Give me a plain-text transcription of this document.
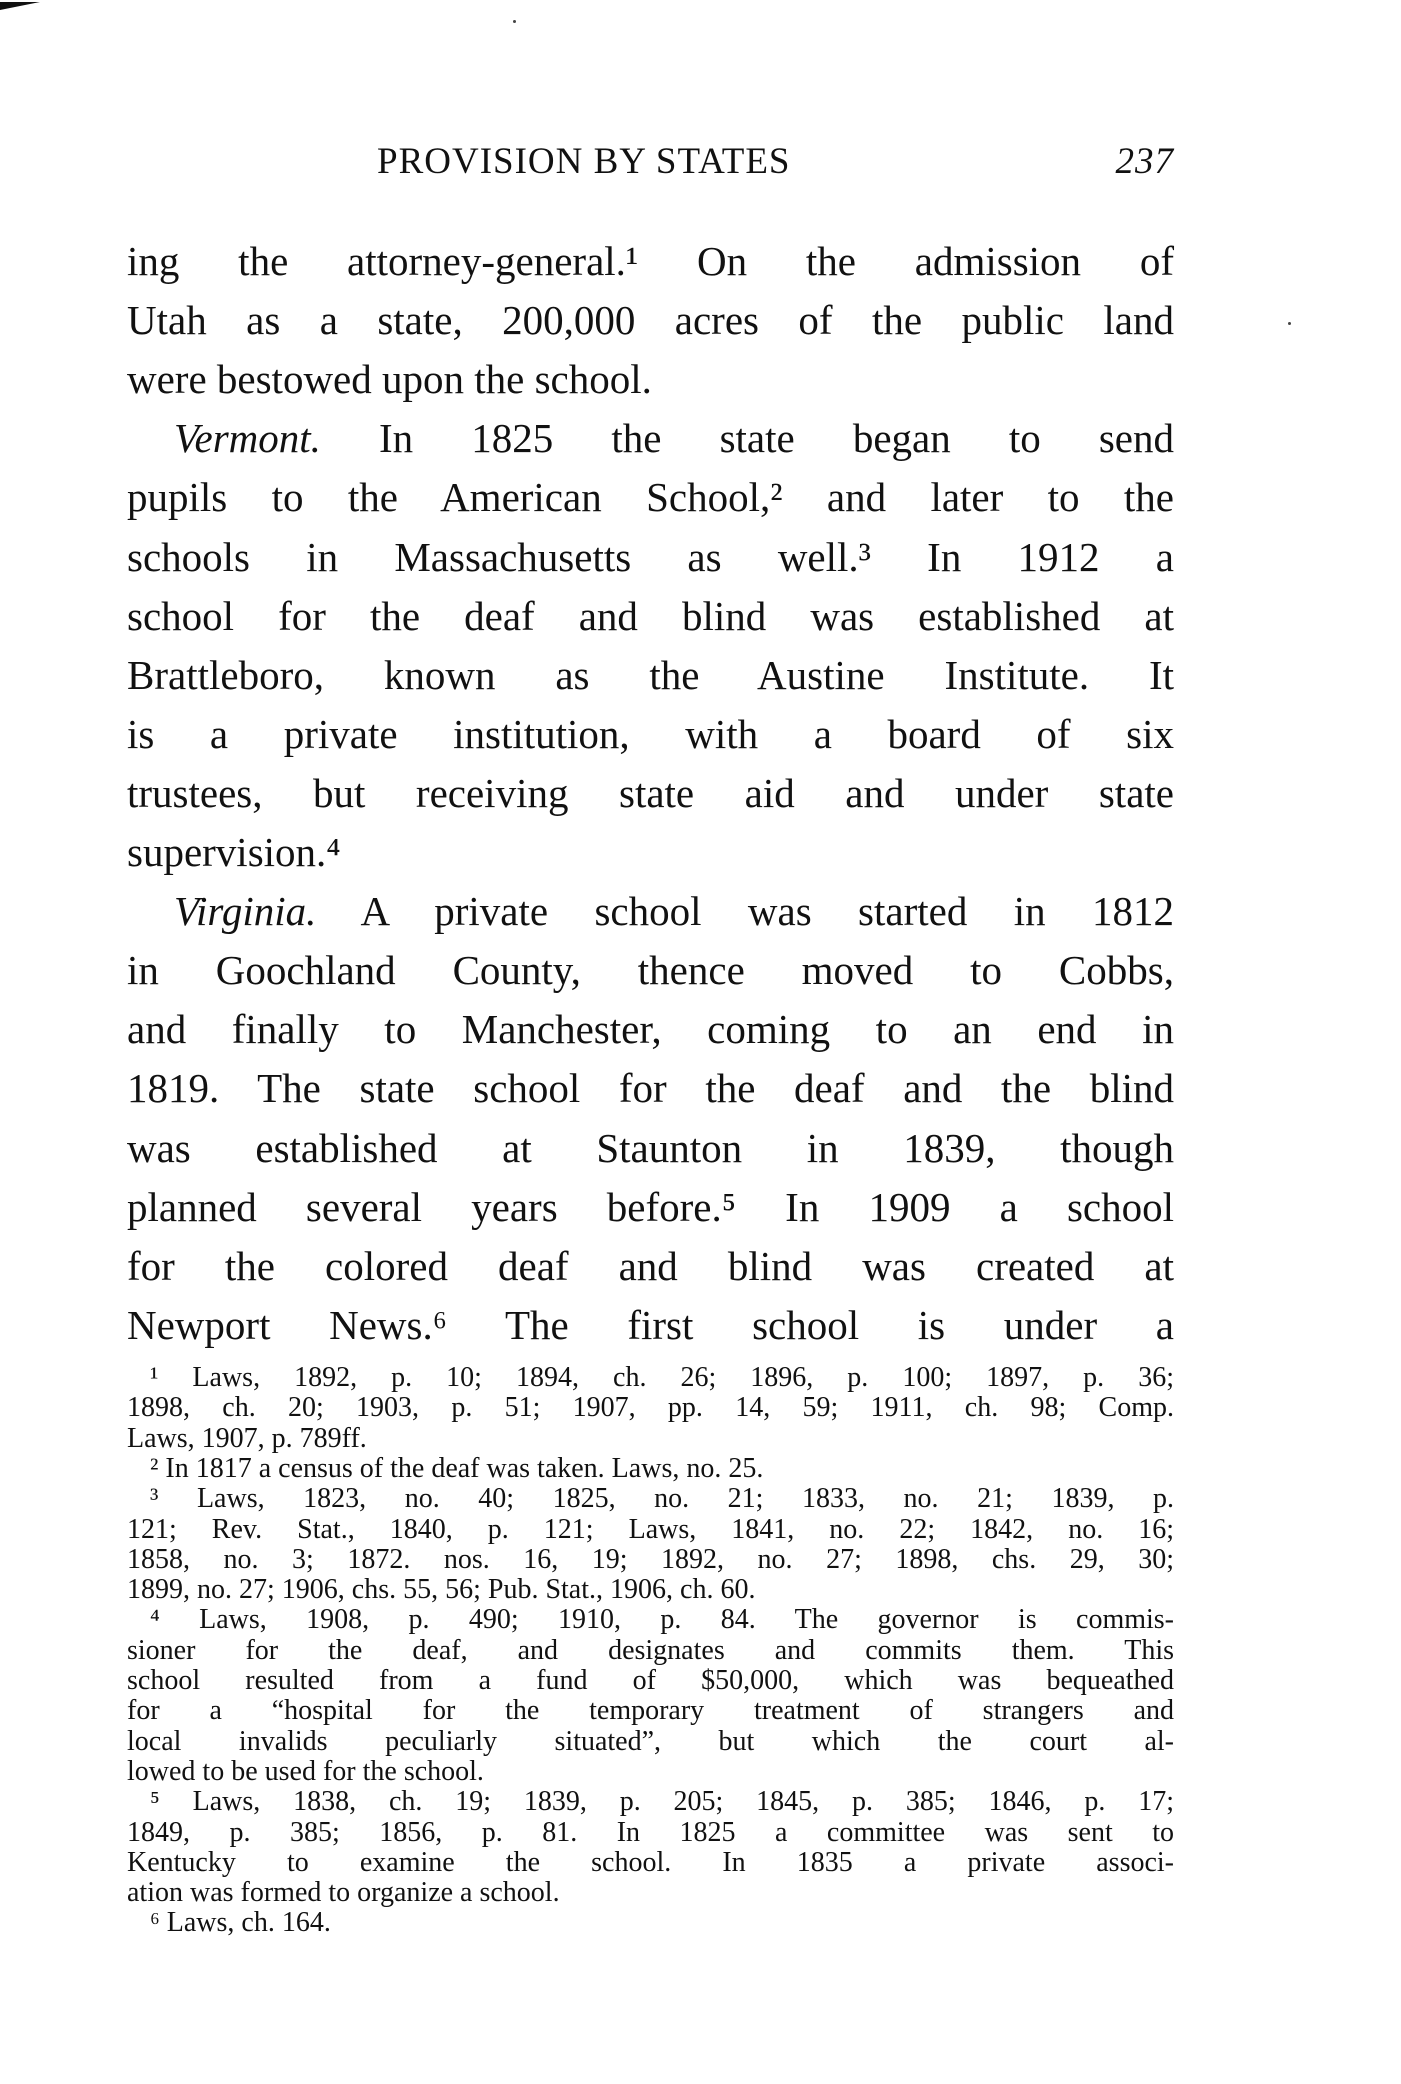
PROVISION BY STATES	237
ing the attorney-general.¹ On the admission of
Utah as a state, 200,000 acres of the public land
were bestowed upon the school.
Vermont. In 1825 the state began to send
pupils to the American School,² and later to the
schools in Massachusetts as well.³ In 1912 a
school for the deaf and blind was established at
Brattleboro, known as the Austine Institute. It
is a private institution, with a board of six
trustees, but receiving state aid and under state
supervision.⁴
Virginia. A private school was started in 1812
in Goochland County, thence moved to Cobbs,
and finally to Manchester, coming to an end in
1819. The state school for the deaf and the blind
was established at Staunton in 1839, though
planned several years before.⁵ In 1909 a school
for the colored deaf and blind was created at
Newport News.⁶ The first school is under a
¹ Laws, 1892, p. 10; 1894, ch. 26; 1896, p. 100; 1897, p. 36;
1898, ch. 20; 1903, p. 51; 1907, pp. 14, 59; 1911, ch. 98; Comp.
Laws, 1907, p. 789ff.
² In 1817 a census of the deaf was taken. Laws, no. 25.
³ Laws, 1823, no. 40; 1825, no. 21; 1833, no. 21; 1839, p.
121; Rev. Stat., 1840, p. 121; Laws, 1841, no. 22; 1842, no. 16;
1858, no. 3; 1872. nos. 16, 19; 1892, no. 27; 1898, chs. 29, 30;
1899, no. 27; 1906, chs. 55, 56; Pub. Stat., 1906, ch. 60.
⁴ Laws, 1908, p. 490; 1910, p. 84. The governor is commis-
sioner for the deaf, and designates and commits them. This
school resulted from a fund of $50,000, which was bequeathed
for a “hospital for the temporary treatment of strangers and
local invalids peculiarly situated”, but which the court al-
lowed to be used for the school.
⁵ Laws, 1838, ch. 19; 1839, p. 205; 1845, p. 385; 1846, p. 17;
1849, p. 385; 1856, p. 81. In 1825 a committee was sent to
Kentucky to examine the school. In 1835 a private associ-
ation was formed to organize a school.
⁶ Laws, ch. 164.
